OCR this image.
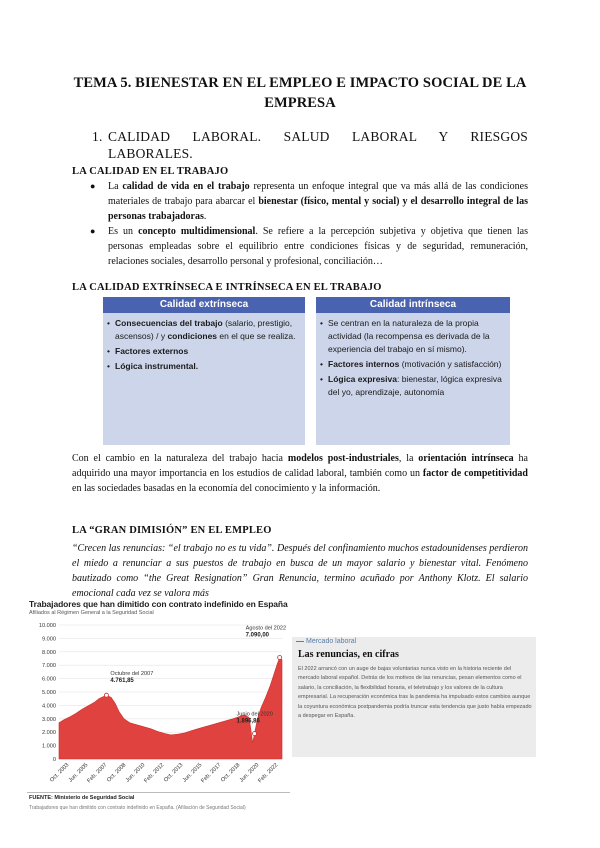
TEMA 5. BIENESTAR EN EL EMPLEO E IMPACTO SOCIAL DE LA EMPRESA
1. CALIDAD LABORAL. SALUD LABORAL Y RIESGOS
LABORALES.
LA CALIDAD EN EL TRABAJO
● La calidad de vida en el trabajo representa un enfoque integral que va más allá de las condiciones materiales de trabajo para abarcar el bienestar (físico, mental y social) y el desarrollo integral de las personas trabajadoras.
● Es un concepto multidimensional. Se refiere a la percepción subjetiva y objetiva que tienen las personas empleadas sobre el equilibrio entre condiciones físicas y de seguridad, remuneración, relaciones sociales, desarrollo personal y profesional, conciliación…
LA CALIDAD EXTRÍNSECA E INTRÍNSECA EN EL TRABAJO
Calidad extrínseca
• Consecuencias del trabajo (salario, prestigio, ascensos) / y condiciones en el que se realiza.
• Factores externos
• Lógica instrumental.
Calidad intrínseca
• Se centran en la naturaleza de la propia actividad (la recompensa es derivada de la experiencia del trabajo en sí mismo).
• Factores internos (motivación y satisfacción)
• Lógica expresiva: bienestar, lógica expresiva del yo, aprendizaje, autonomía
Con el cambio en la naturaleza del trabajo hacia modelos post-industriales, la orientación intrínseca ha adquirido una mayor importancia en los estudios de calidad laboral, también como un factor de competitividad en las sociedades basadas en la economía del conocimiento y la información.
LA “GRAN DIMISIÓN” EN EL EMPLEO
“Crecen las renuncias: “el trabajo no es tu vida”. Después del confinamiento muchos estadounidenses perdieron el miedo a renunciar a sus puestos de trabajo en busca de un mayor salario y bienestar vital. Fenómeno bautizado como “the Great Resignation” Gran Renuncia, termino acuñado por Anthony Klotz. El salario emocional cada vez se valora más
Trabajadores que han dimitido con contrato indefinido en España
Afiliados al Régimen General a la Seguridad Social
0
1.000
2.000
3.000
4.000
5.000
6.000
7.000
8.000
9.000
10.000
Oct. 2003
Jun. 2005
Feb. 2007
Oct. 2008
Jun. 2010
Feb. 2012
Oct. 2013
Jun. 2015
Feb. 2017
Oct. 2018
Jun. 2020
Feb. 2022
Octubre del 2007
4.761,85
Junio del 2020
1.896,86
Agosto del 2022
7.090,00
FUENTE: Ministerio de Seguridad Social
Trabajadores que han dimitido con contrato indefinido en España. (Afiliación de Seguridad Social)
Mercado laboral
Las renuncias, en cifras
El 2022 arrancó con un auge de bajas voluntarias nunca visto en la historia reciente del mercado laboral español. Detrás de los motivos de las renuncias, pesan elementos como el salario, la conciliación, la flexibilidad horaria, el teletrabajo y los valores de la cultura empresarial. La recuperación económica tras la pandemia ha impulsado estos cambios aunque la coyuntura económica postpandemia podría truncar esta tendencia que justo había empezado a despegar en España.
